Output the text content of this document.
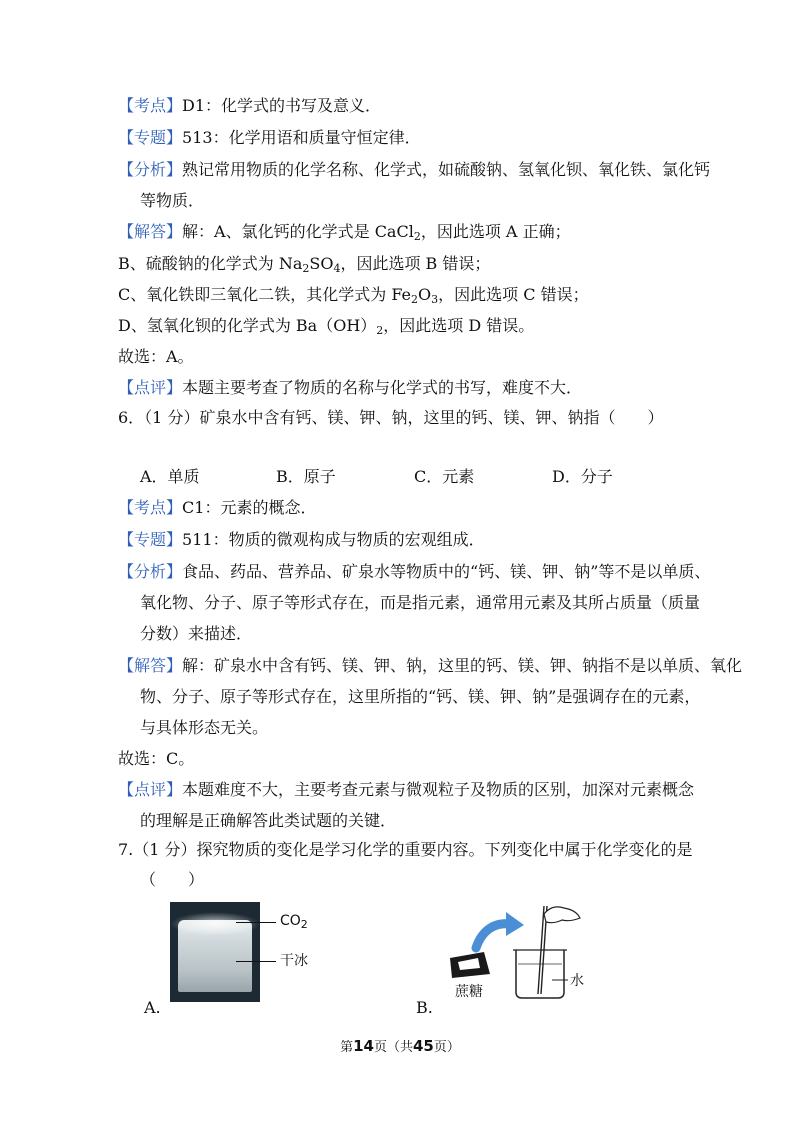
【考点】D1：化学式的书写及意义．
【专题】513：化学用语和质量守恒定律．
【分析】熟记常用物质的化学名称、化学式，如硫酸钠、氢氧化钡、氧化铁、氯化钙
等物质．
【解答】解：A、氯化钙的化学式是 CaCl$_2$，因此选项 A 正确；
B、硫酸钠的化学式为 $Na_2SO_4$，因此选项 B 错误；
C、氧化铁即三氧化二铁，其化学式为 $Fe_2O_3$，因此选项 C 错误；
D、氢氧化钡的化学式为 $Ba(OH)_2$，因此选项 D 错误。
故选：A。
【点评】本题主要考查了物质的名称与化学式的书写，难度不大．
6．（1 分）矿泉水中含有钙、镁、钾、钠，这里的钙、镁、钾、钠指（　　）
A．单质	B．原子	C．元素	D．分子
【考点】C1：元素的概念．
【专题】511：物质的微观构成与物质的宏观组成．
【分析】食品、药品、营养品、矿泉水等物质中的“钙、镁、钾、钠”等不是以单质、
氧化物、分子、原子等形式存在，而是指元素，通常用元素及其所占质量（质量
分数）来描述．
【解答】解：矿泉水中含有钙、镁、钾、钠，这里的钙、镁、钾、钠指不是以单质、氧化
物、分子、原子等形式存在，这里所指的“钙、镁、钾、钠”是强调存在的元素，
与具体形态无关。
故选：C。
【点评】本题难度不大，主要考查元素与微观粒子及物质的区别，加深对元素概念
的理解是正确解答此类试题的关键．
7.（1 分）探究物质的变化是学习化学的重要内容。下列变化中属于化学变化的是
（　　）
$CO_2$
干冰
A.
蔗糖
水
B.
第14页（共45页）
